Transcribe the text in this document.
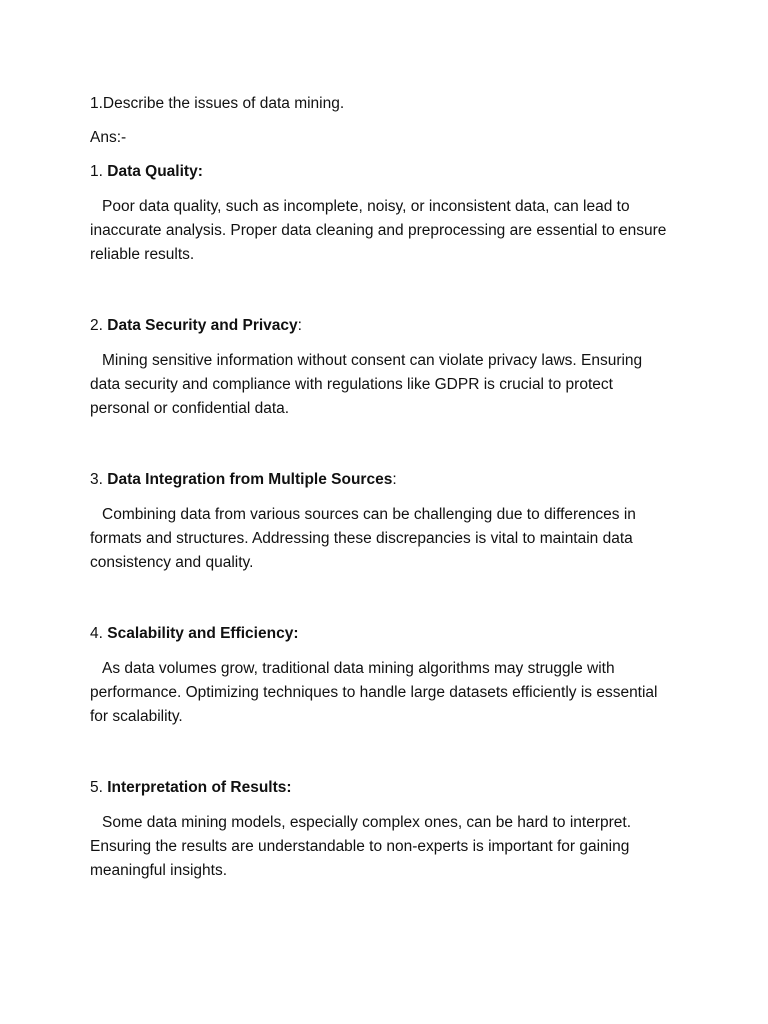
1.Describe the issues of data mining.

Ans:-

1. Data Quality:

Poor data quality, such as incomplete, noisy, or inconsistent data, can lead to inaccurate analysis. Proper data cleaning and preprocessing are essential to ensure reliable results.

2. Data Security and Privacy:

Mining sensitive information without consent can violate privacy laws. Ensuring data security and compliance with regulations like GDPR is crucial to protect personal or confidential data.

3. Data Integration from Multiple Sources:

Combining data from various sources can be challenging due to differences in formats and structures. Addressing these discrepancies is vital to maintain data consistency and quality.

4. Scalability and Efficiency:

As data volumes grow, traditional data mining algorithms may struggle with performance. Optimizing techniques to handle large datasets efficiently is essential for scalability.

5. Interpretation of Results:

Some data mining models, especially complex ones, can be hard to interpret. Ensuring the results are understandable to non-experts is important for gaining meaningful insights.
